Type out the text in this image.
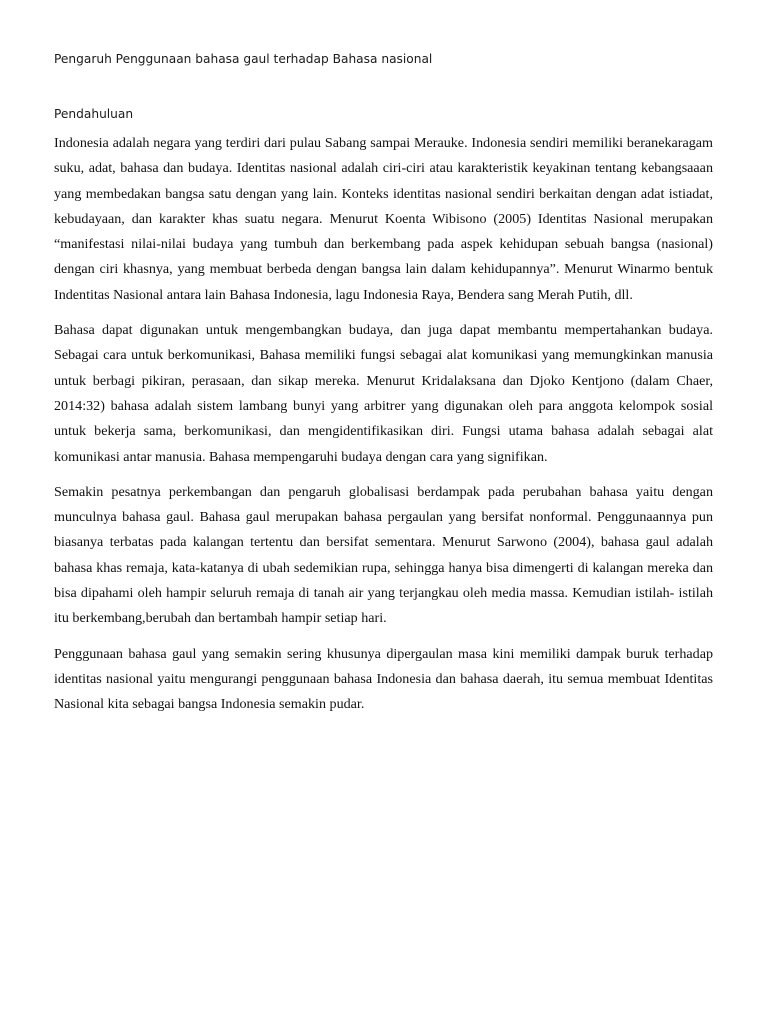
Pengaruh Penggunaan bahasa gaul terhadap Bahasa nasional
Pendahuluan

Indonesia adalah negara yang terdiri dari pulau Sabang sampai Merauke. Indonesia sendiri memiliki beranekaragam suku, adat, bahasa dan budaya. Identitas nasional adalah ciri-ciri atau karakteristik keyakinan tentang kebangsaaan yang membedakan bangsa satu dengan yang lain. Konteks identitas nasional sendiri berkaitan dengan adat istiadat, kebudayaan, dan karakter khas suatu negara. Menurut Koenta Wibisono (2005) Identitas Nasional merupakan “manifestasi nilai-nilai budaya yang tumbuh dan berkembang pada aspek kehidupan sebuah bangsa (nasional) dengan ciri khasnya, yang membuat berbeda dengan bangsa lain dalam kehidupannya”. Menurut Winarmo bentuk Indentitas Nasional antara lain Bahasa Indonesia, lagu Indonesia Raya, Bendera sang Merah Putih, dll.

Bahasa dapat digunakan untuk mengembangkan budaya, dan juga dapat membantu mempertahankan budaya. Sebagai cara untuk berkomunikasi, Bahasa memiliki fungsi sebagai alat komunikasi yang memungkinkan manusia untuk berbagi pikiran, perasaan, dan sikap mereka. Menurut Kridalaksana dan Djoko Kentjono (dalam Chaer, 2014:32) bahasa adalah sistem lambang bunyi yang arbitrer yang digunakan oleh para anggota kelompok sosial untuk bekerja sama, berkomunikasi, dan mengidentifikasikan diri. Fungsi utama bahasa adalah sebagai alat komunikasi antar manusia. Bahasa mempengaruhi budaya dengan cara yang signifikan.

Semakin pesatnya perkembangan dan pengaruh globalisasi berdampak pada perubahan bahasa yaitu dengan munculnya bahasa gaul. Bahasa gaul merupakan bahasa pergaulan yang bersifat nonformal. Penggunaannya pun biasanya terbatas pada kalangan tertentu dan bersifat sementara. Menurut Sarwono (2004), bahasa gaul adalah bahasa khas remaja, kata-katanya di ubah sedemikian rupa, sehingga hanya bisa dimengerti di kalangan mereka dan bisa dipahami oleh hampir seluruh remaja di tanah air yang terjangkau oleh media massa. Kemudian istilah- istilah itu berkembang,berubah dan bertambah hampir setiap hari.

Penggunaan bahasa gaul yang semakin sering khusunya dipergaulan masa kini memiliki dampak buruk terhadap identitas nasional yaitu mengurangi penggunaan bahasa Indonesia dan bahasa daerah, itu semua membuat Identitas Nasional kita sebagai bangsa Indonesia semakin pudar.
